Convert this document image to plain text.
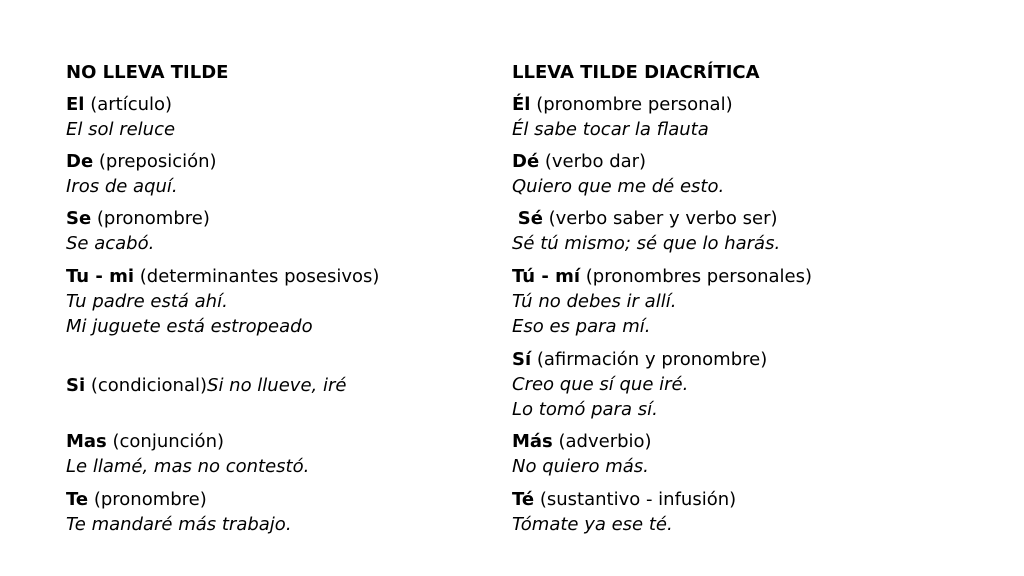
NO LLEVA TILDE
El (artículo)
El sol reluce
De (preposición)
Iros de aquí.
Se (pronombre)
Se acabó.
Tu - mi (determinantes posesivos)
Tu padre está ahí.
Mi juguete está estropeado
Si (condicional)Si no llueve, iré
Mas (conjunción)
Le llamé, mas no contestó.
Te (pronombre)
Te mandaré más trabajo.
LLEVA TILDE DIACRÍTICA
Él (pronombre personal)
Él sabe tocar la flauta
Dé (verbo dar)
Quiero que me dé esto.
Sé (verbo saber y verbo ser)
Sé tú mismo; sé que lo harás.
Tú - mí (pronombres personales)
Tú no debes ir allí.
Eso es para mí.
Sí (afirmación y pronombre)
Creo que sí que iré.
Lo tomó para sí.
Más (adverbio)
No quiero más.
Té (sustantivo - infusión)
Tómate ya ese té.
